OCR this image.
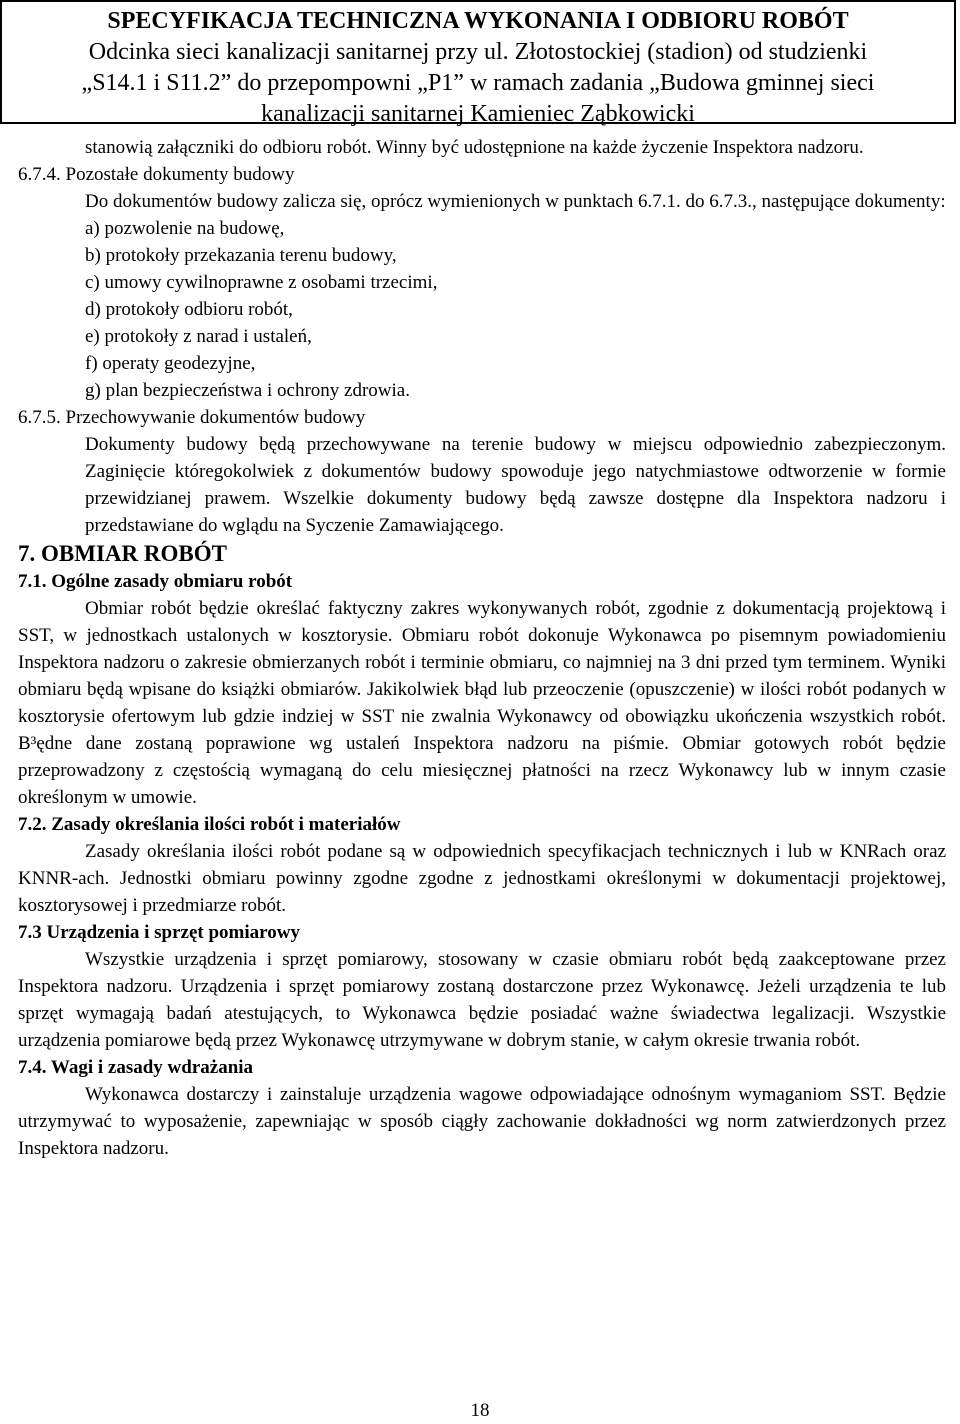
SPECYFIKACJA TECHNICZNA WYKONANIA I ODBIORU ROBÓT
Odcinka sieci kanalizacji sanitarnej przy ul. Złotostockiej (stadion) od studzienki
„S14.1 i S11.2” do przepompowni „P1” w ramach zadania „Budowa gminnej sieci
kanalizacji sanitarnej Kamieniec Ząbkowicki

stanowią załączniki do odbioru robót. Winny być udostępnione na każde życzenie Inspektora nadzoru.

6.7.4. Pozostałe dokumenty budowy

Do dokumentów budowy zalicza się, oprócz wymienionych w punktach 6.7.1. do 6.7.3., następujące dokumenty:

a) pozwolenie na budowę,

b) protokoły przekazania terenu budowy,

c) umowy cywilnoprawne z osobami trzecimi,

d) protokoły odbioru robót,

e) protokoły z narad i ustaleń,

f) operaty geodezyjne,

g) plan bezpieczeństwa i ochrony zdrowia.

6.7.5. Przechowywanie dokumentów budowy

Dokumenty budowy będą przechowywane na terenie budowy w miejscu odpowiednio zabezpieczonym. Zaginięcie któregokolwiek z dokumentów budowy spowoduje jego natychmiastowe odtworzenie w formie przewidzianej prawem. Wszelkie dokumenty budowy będą zawsze dostępne dla Inspektora nadzoru i przedstawiane do wglądu na Syczenie Zamawiającego.

7. OBMIAR ROBÓT

7.1. Ogólne zasady obmiaru robót

Obmiar robót będzie określać faktyczny zakres wykonywanych robót, zgodnie z dokumentacją projektową i SST, w jednostkach ustalonych w kosztorysie. Obmiaru robót dokonuje Wykonawca po pisemnym powiadomieniu Inspektora nadzoru o zakresie obmierzanych robót i terminie obmiaru, co najmniej na 3 dni przed tym terminem. Wyniki obmiaru będą wpisane do książki obmiarów. Jakikolwiek błąd lub przeoczenie (opuszczenie) w ilości robót podanych w kosztorysie ofertowym lub gdzie indziej w SST nie zwalnia Wykonawcy od obowiązku ukończenia wszystkich robót. B³ędne dane zostaną poprawione wg ustaleń Inspektora nadzoru na piśmie. Obmiar gotowych robót będzie przeprowadzony z częstością wymaganą do celu miesięcznej płatności na rzecz Wykonawcy lub w innym czasie określonym w umowie.

7.2. Zasady określania ilości robót i materiałów

Zasady określania ilości robót podane są w odpowiednich specyfikacjach technicznych i lub w KNRach oraz KNNR-ach. Jednostki obmiaru powinny zgodne zgodne z jednostkami określonymi w dokumentacji projektowej, kosztorysowej i przedmiarze robót.

7.3 Urządzenia i sprzęt pomiarowy

Wszystkie urządzenia i sprzęt pomiarowy, stosowany w czasie obmiaru robót będą zaakceptowane przez Inspektora nadzoru. Urządzenia i sprzęt pomiarowy zostaną dostarczone przez Wykonawcę. Jeżeli urządzenia te lub sprzęt wymagają badań atestujących, to Wykonawca będzie posiadać ważne świadectwa legalizacji. Wszystkie urządzenia pomiarowe będą przez Wykonawcę utrzymywane w dobrym stanie, w całym okresie trwania robót.

7.4. Wagi i zasady wdrażania

Wykonawca dostarczy i zainstaluje urządzenia wagowe odpowiadające odnośnym wymaganiom SST. Będzie utrzymywać to wyposażenie, zapewniając w sposób ciągły zachowanie dokładności wg norm zatwierdzonych przez Inspektora nadzoru.

18
